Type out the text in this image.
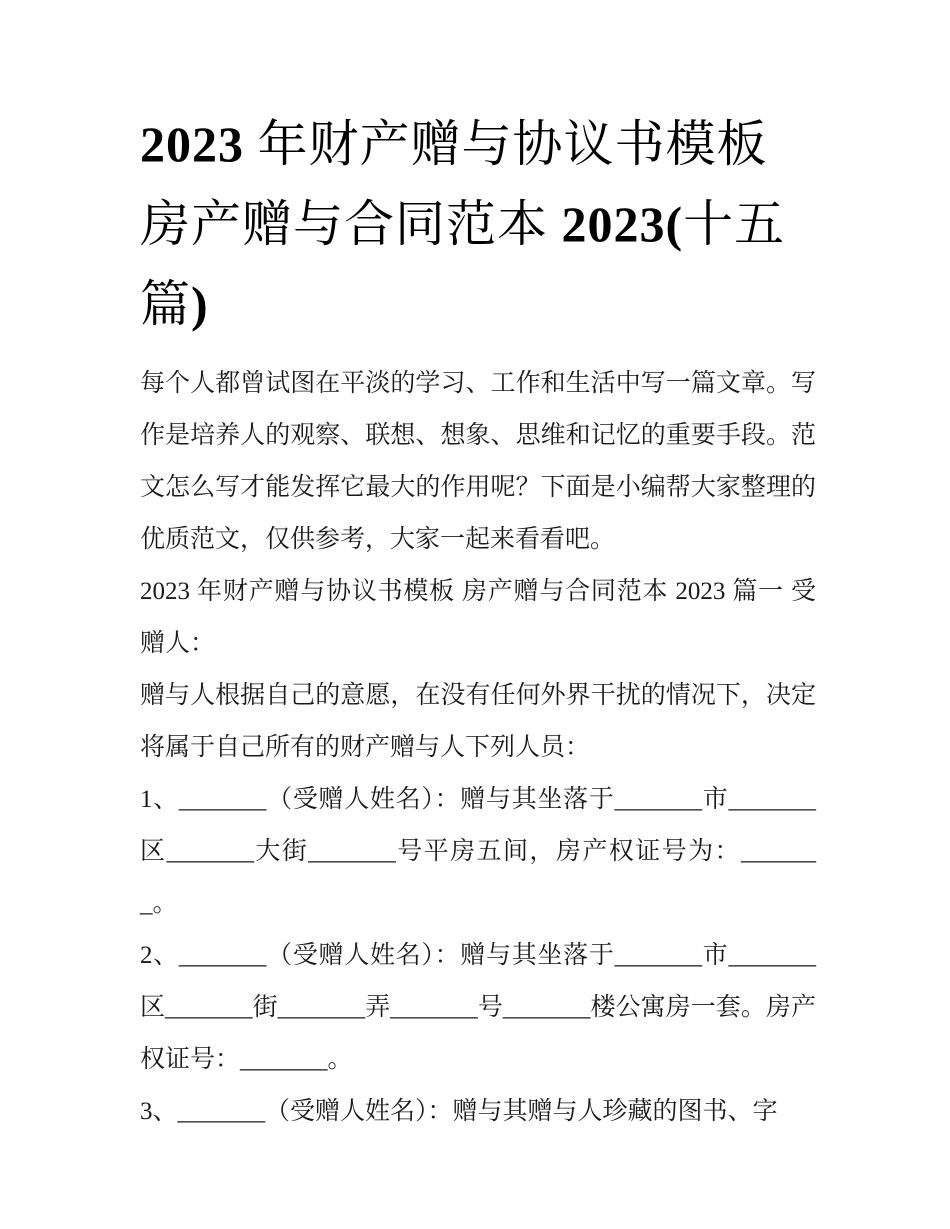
2023 年财产赠与协议书模板
房产赠与合同范本 2023(十五
篇)

每个人都曾试图在平淡的学习、工作和生活中写一篇文章。写作是培养人的观察、联想、想象、思维和记忆的重要手段。范文怎么写才能发挥它最大的作用呢？下面是小编帮大家整理的优质范文，仅供参考，大家一起来看看吧。

2023 年财产赠与协议书模板 房产赠与合同范本 2023 篇一 受赠人：

赠与人根据自己的意愿，在没有任何外界干扰的情况下，决定将属于自己所有的财产赠与人下列人员：

1、_______（受赠人姓名）：赠与其坐落于_______市_______区_______大街_______号平房五间，房产权证号为：_______。

2、_______（受赠人姓名）：赠与其坐落于_______市_______区_______街_______弄_______号_______楼公寓房一套。房产权证号：_______。

3、_______（受赠人姓名）：赠与其赠与人珍藏的图书、字
